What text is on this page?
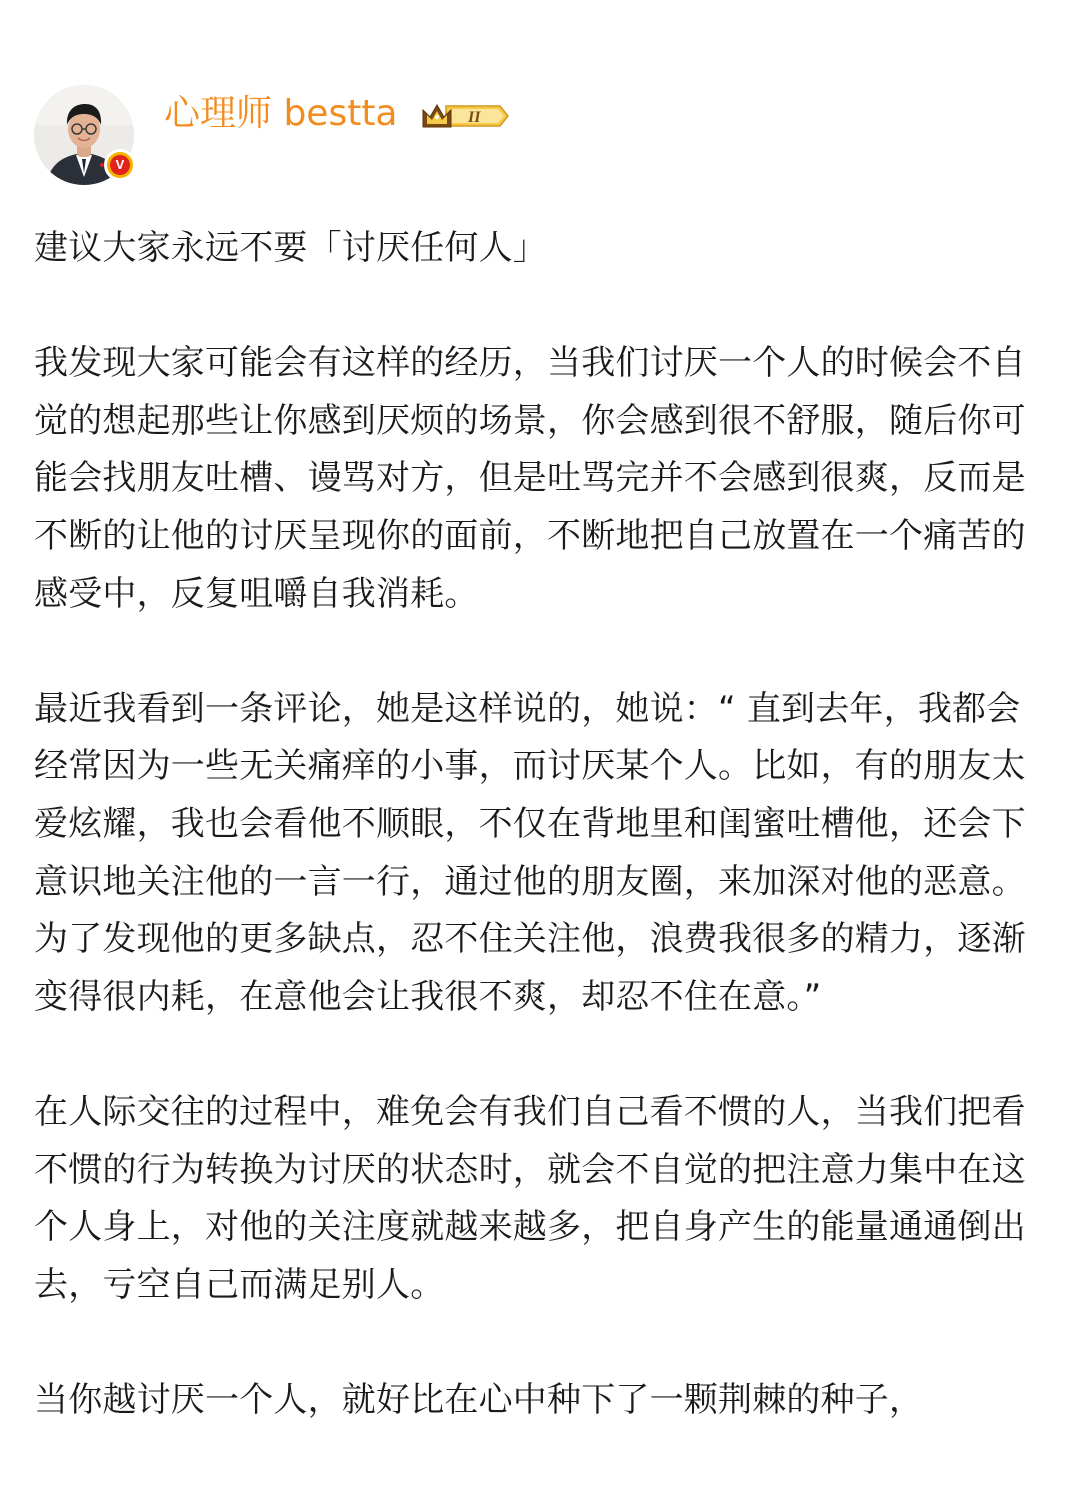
V
心理师 bestta	II

建议大家永远不要「讨厌任何人」

我发现大家可能会有这样的经历，当我们讨厌一个人的时候会不自觉的想起那些让你感到厌烦的场景，你会感到很不舒服，随后你可能会找朋友吐槽、谩骂对方，但是吐骂完并不会感到很爽，反而是不断的让他的讨厌呈现你的面前，不断地把自己放置在一个痛苦的感受中，反复咀嚼自我消耗。

最近我看到一条评论，她是这样说的，她说：“ 直到去年，我都会经常因为一些无关痛痒的小事，而讨厌某个人。比如，有的朋友太爱炫耀，我也会看他不顺眼，不仅在背地里和闺蜜吐槽他，还会下意识地关注他的一言一行，通过他的朋友圈，来加深对他的恶意。为了发现他的更多缺点，忍不住关注他，浪费我很多的精力，逐渐变得很内耗，在意他会让我很不爽，却忍不住在意。”

在人际交往的过程中，难免会有我们自己看不惯的人，当我们把看不惯的行为转换为讨厌的状态时，就会不自觉的把注意力集中在这个人身上，对他的关注度就越来越多，把自身产生的能量通通倒出去，亏空自己而满足别人。

当你越讨厌一个人，就好比在心中种下了一颗荆棘的种子，
